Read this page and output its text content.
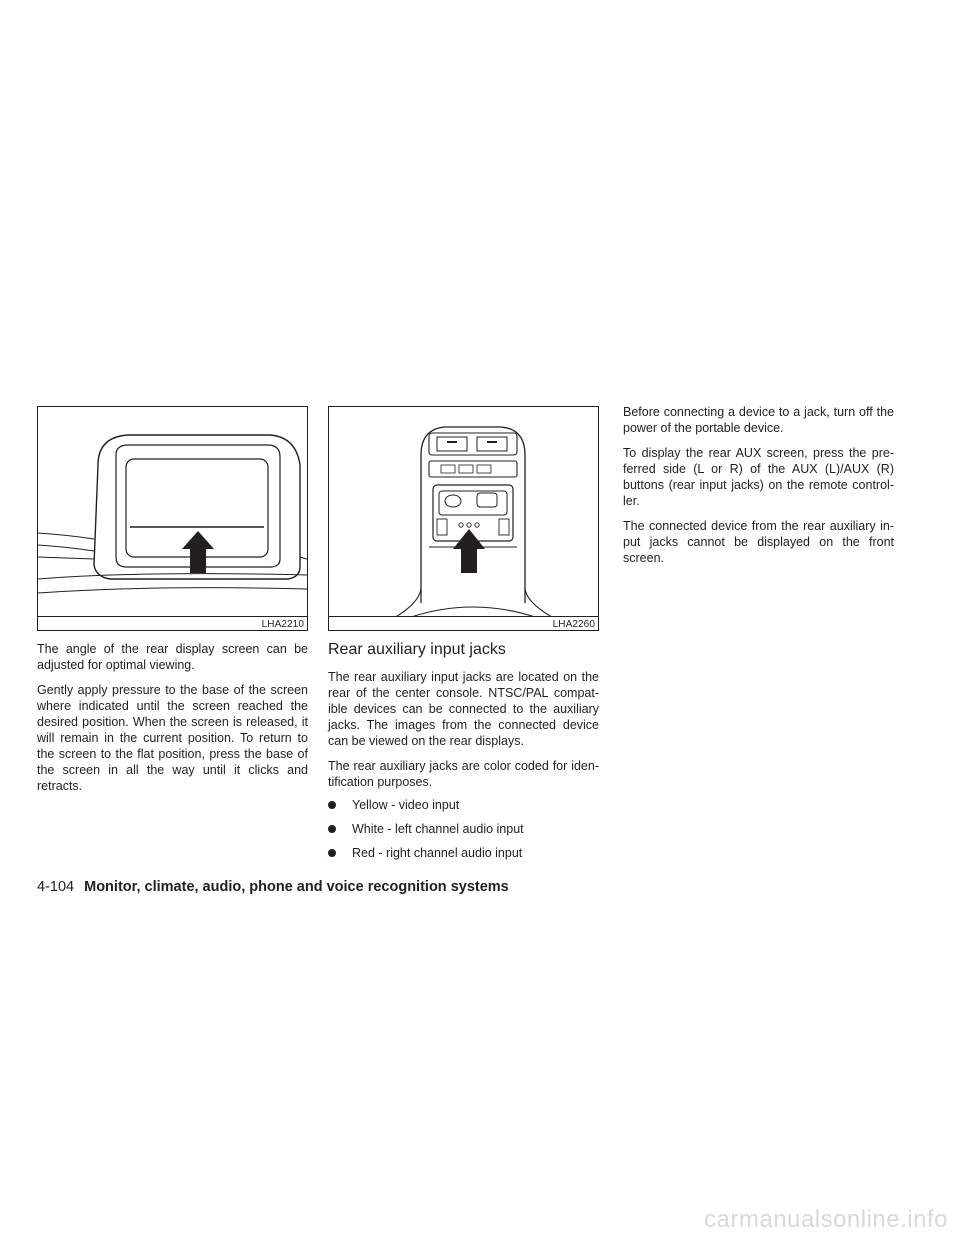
LHA2210

The angle of the rear display screen can be adjusted for optimal viewing.

Gently apply pressure to the base of the screen where indicated until the screen reached the desired position. When the screen is released, it will remain in the current position. To return to the screen to the flat position, press the base of the screen in all the way until it clicks and retracts.

LHA2260
Rear auxiliary input jacks

The rear auxiliary input jacks are located on the rear of the center console. NTSC/PAL compat-ible devices can be connected to the auxiliary jacks. The images from the connected device can be viewed on the rear displays.

The rear auxiliary jacks are color coded for iden-tification purposes.

Yellow - video input
White - left channel audio input
Red - right channel audio input

Before connecting a device to a jack, turn off the power of the portable device.

To display the rear AUX screen, press the pre-ferred side (L or R) of the AUX (L)/AUX (R) buttons (rear input jacks) on the remote control-ler.

The connected device from the rear auxiliary in-put jacks cannot be displayed on the front screen.

4-104 Monitor, climate, audio, phone and voice recognition systems
carmanualsonline.info
